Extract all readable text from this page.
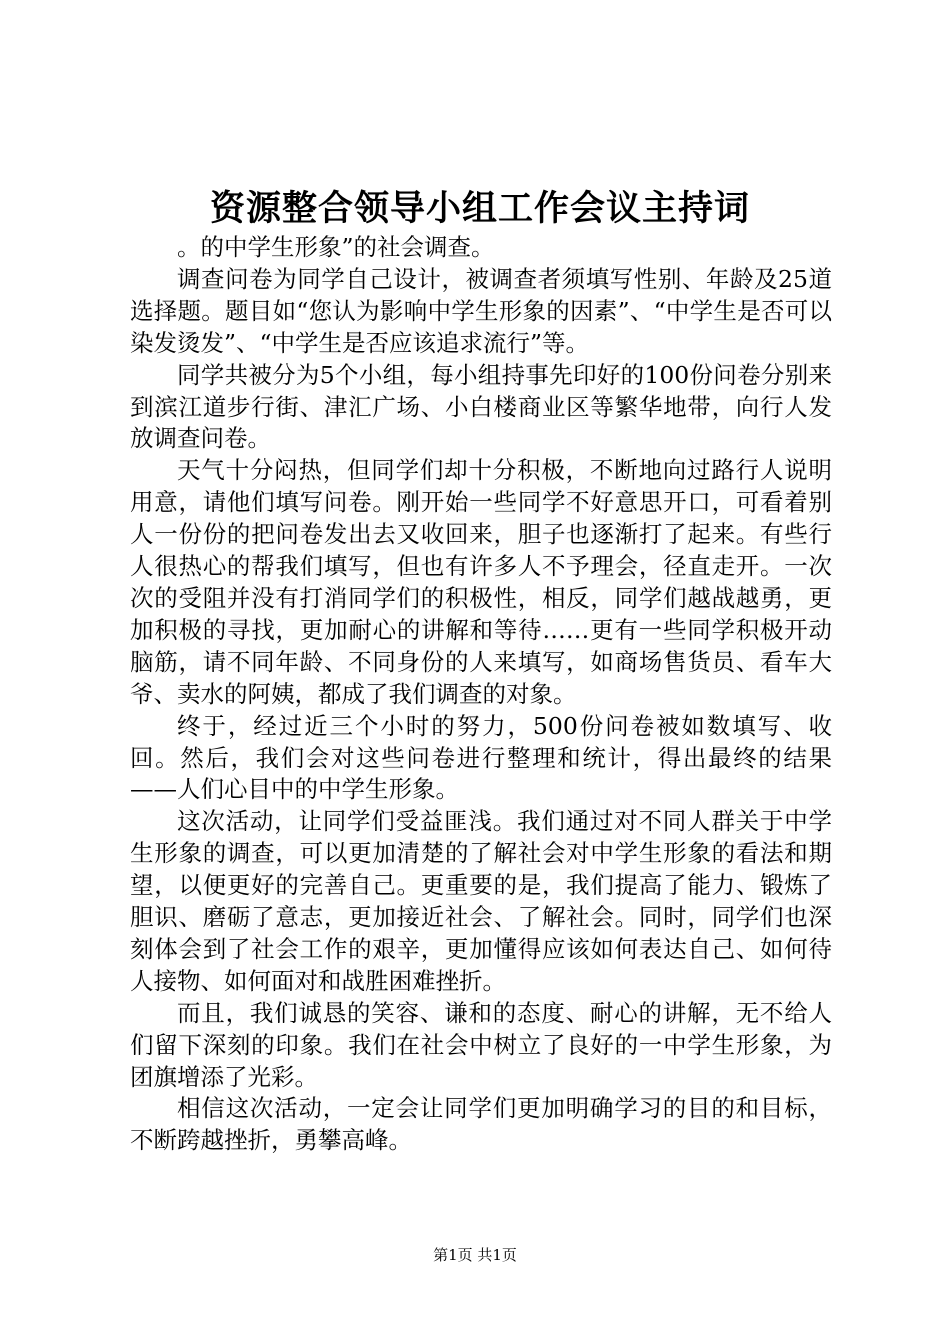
资源整合领导小组工作会议主持词

。的中学生形象”的社会调查。

调查问卷为同学自己设计，被调查者须填写性别、年龄及25道选择题。题目如“您认为影响中学生形象的因素”、“中学生是否可以染发烫发”、“中学生是否应该追求流行”等。

同学共被分为5个小组，每小组持事先印好的100份问卷分别来到滨江道步行街、津汇广场、小白楼商业区等繁华地带，向行人发放调查问卷。

天气十分闷热，但同学们却十分积极，不断地向过路行人说明用意，请他们填写问卷。刚开始一些同学不好意思开口，可看着别人一份份的把问卷发出去又收回来，胆子也逐渐打了起来。有些行人很热心的帮我们填写，但也有许多人不予理会，径直走开。一次次的受阻并没有打消同学们的积极性，相反，同学们越战越勇，更加积极的寻找，更加耐心的讲解和等待……更有一些同学积极开动脑筋，请不同年龄、不同身份的人来填写，如商场售货员、看车大爷、卖水的阿姨，都成了我们调查的对象。

终于，经过近三个小时的努力，500份问卷被如数填写、收回。然后，我们会对这些问卷进行整理和统计，得出最终的结果——人们心目中的中学生形象。

这次活动，让同学们受益匪浅。我们通过对不同人群关于中学生形象的调查，可以更加清楚的了解社会对中学生形象的看法和期望，以便更好的完善自己。更重要的是，我们提高了能力、锻炼了胆识、磨砺了意志，更加接近社会、了解社会。同时，同学们也深刻体会到了社会工作的艰辛，更加懂得应该如何表达自己、如何待人接物、如何面对和战胜困难挫折。

而且，我们诚恳的笑容、谦和的态度、耐心的讲解，无不给人们留下深刻的印象。我们在社会中树立了良好的一中学生形象，为团旗增添了光彩。

相信这次活动，一定会让同学们更加明确学习的目的和目标，不断跨越挫折，勇攀高峰。

第1页 共1页
